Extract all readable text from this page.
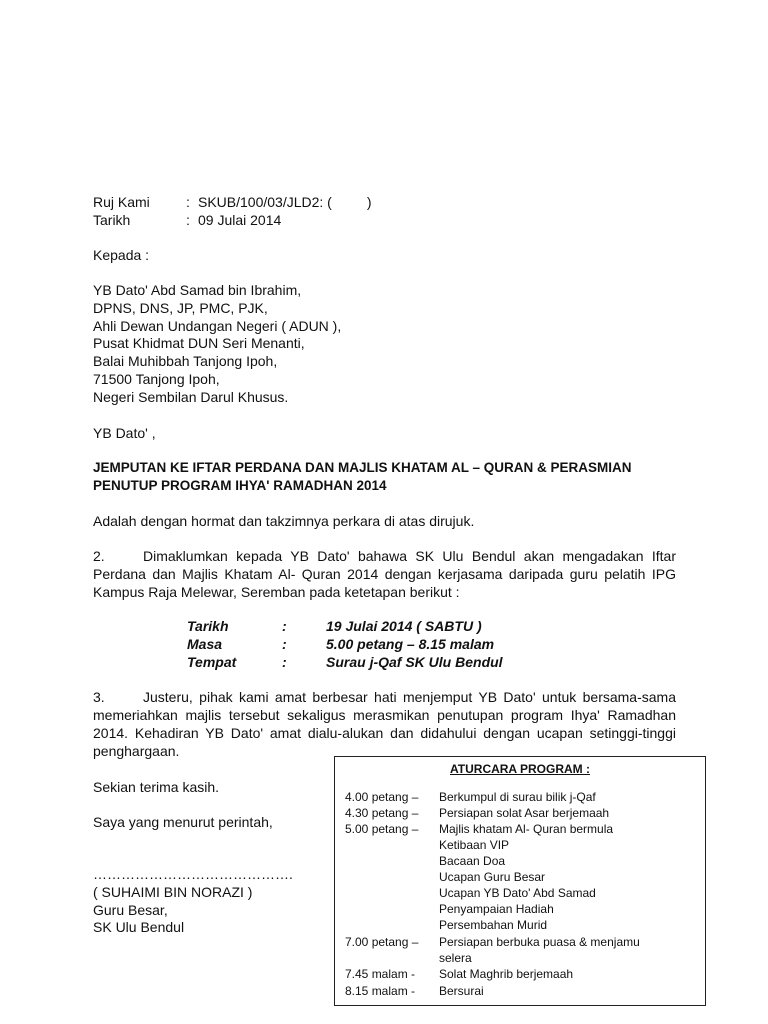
Ruj Kami	: SKUB/100/03/JLD2: (         )
Tarikh	: 09 Julai 2014
Kepada :
YB Dato' Abd Samad bin Ibrahim,
DPNS, DNS, JP, PMC, PJK,
Ahli Dewan Undangan Negeri ( ADUN ),
Pusat Khidmat DUN Seri Menanti,
Balai Muhibbah Tanjong Ipoh,
71500 Tanjong Ipoh,
Negeri Sembilan Darul Khusus.
YB Dato' ,
JEMPUTAN KE IFTAR PERDANA DAN MAJLIS KHATAM AL – QURAN & PERASMIAN
PENUTUP PROGRAM IHYA' RAMADHAN 2014
Adalah dengan hormat dan takzimnya perkara di atas dirujuk.
2.	Dimaklumkan kepada YB Dato' bahawa SK Ulu Bendul akan mengadakan Iftar Perdana dan Majlis Khatam Al- Quran 2014 dengan kerjasama daripada guru pelatih IPG Kampus Raja Melewar, Seremban pada ketetapan berikut :
Tarikh	:	19 Julai 2014 ( SABTU )
Masa	:	5.00 petang – 8.15 malam
Tempat	:	Surau j-Qaf SK Ulu Bendul
3.	Justeru, pihak kami amat berbesar hati menjemput YB Dato' untuk bersama-sama memeriahkan majlis tersebut sekaligus merasmikan penutupan program Ihya' Ramadhan 2014. Kehadiran YB Dato' amat dialu-alukan dan didahului dengan ucapan setinggi-tinggi penghargaan.
Sekian terima kasih.
Saya yang menurut perintah,
…………………………………….
( SUHAIMI BIN NORAZI )
Guru Besar,
SK Ulu Bendul
ATURCARA PROGRAM :
4.00 petang – Berkumpul di surau bilik j-Qaf
4.30 petang – Persiapan solat Asar berjemaah
5.00 petang – Majlis khatam Al- Quran bermula
Ketibaan VIP
Bacaan Doa
Ucapan Guru Besar
Ucapan YB Dato' Abd Samad
Penyampaian Hadiah
Persembahan Murid
7.00 petang – Persiapan berbuka puasa & menjamu
selera
7.45 malam - Solat Maghrib berjemaah
8.15 malam - Bersurai
